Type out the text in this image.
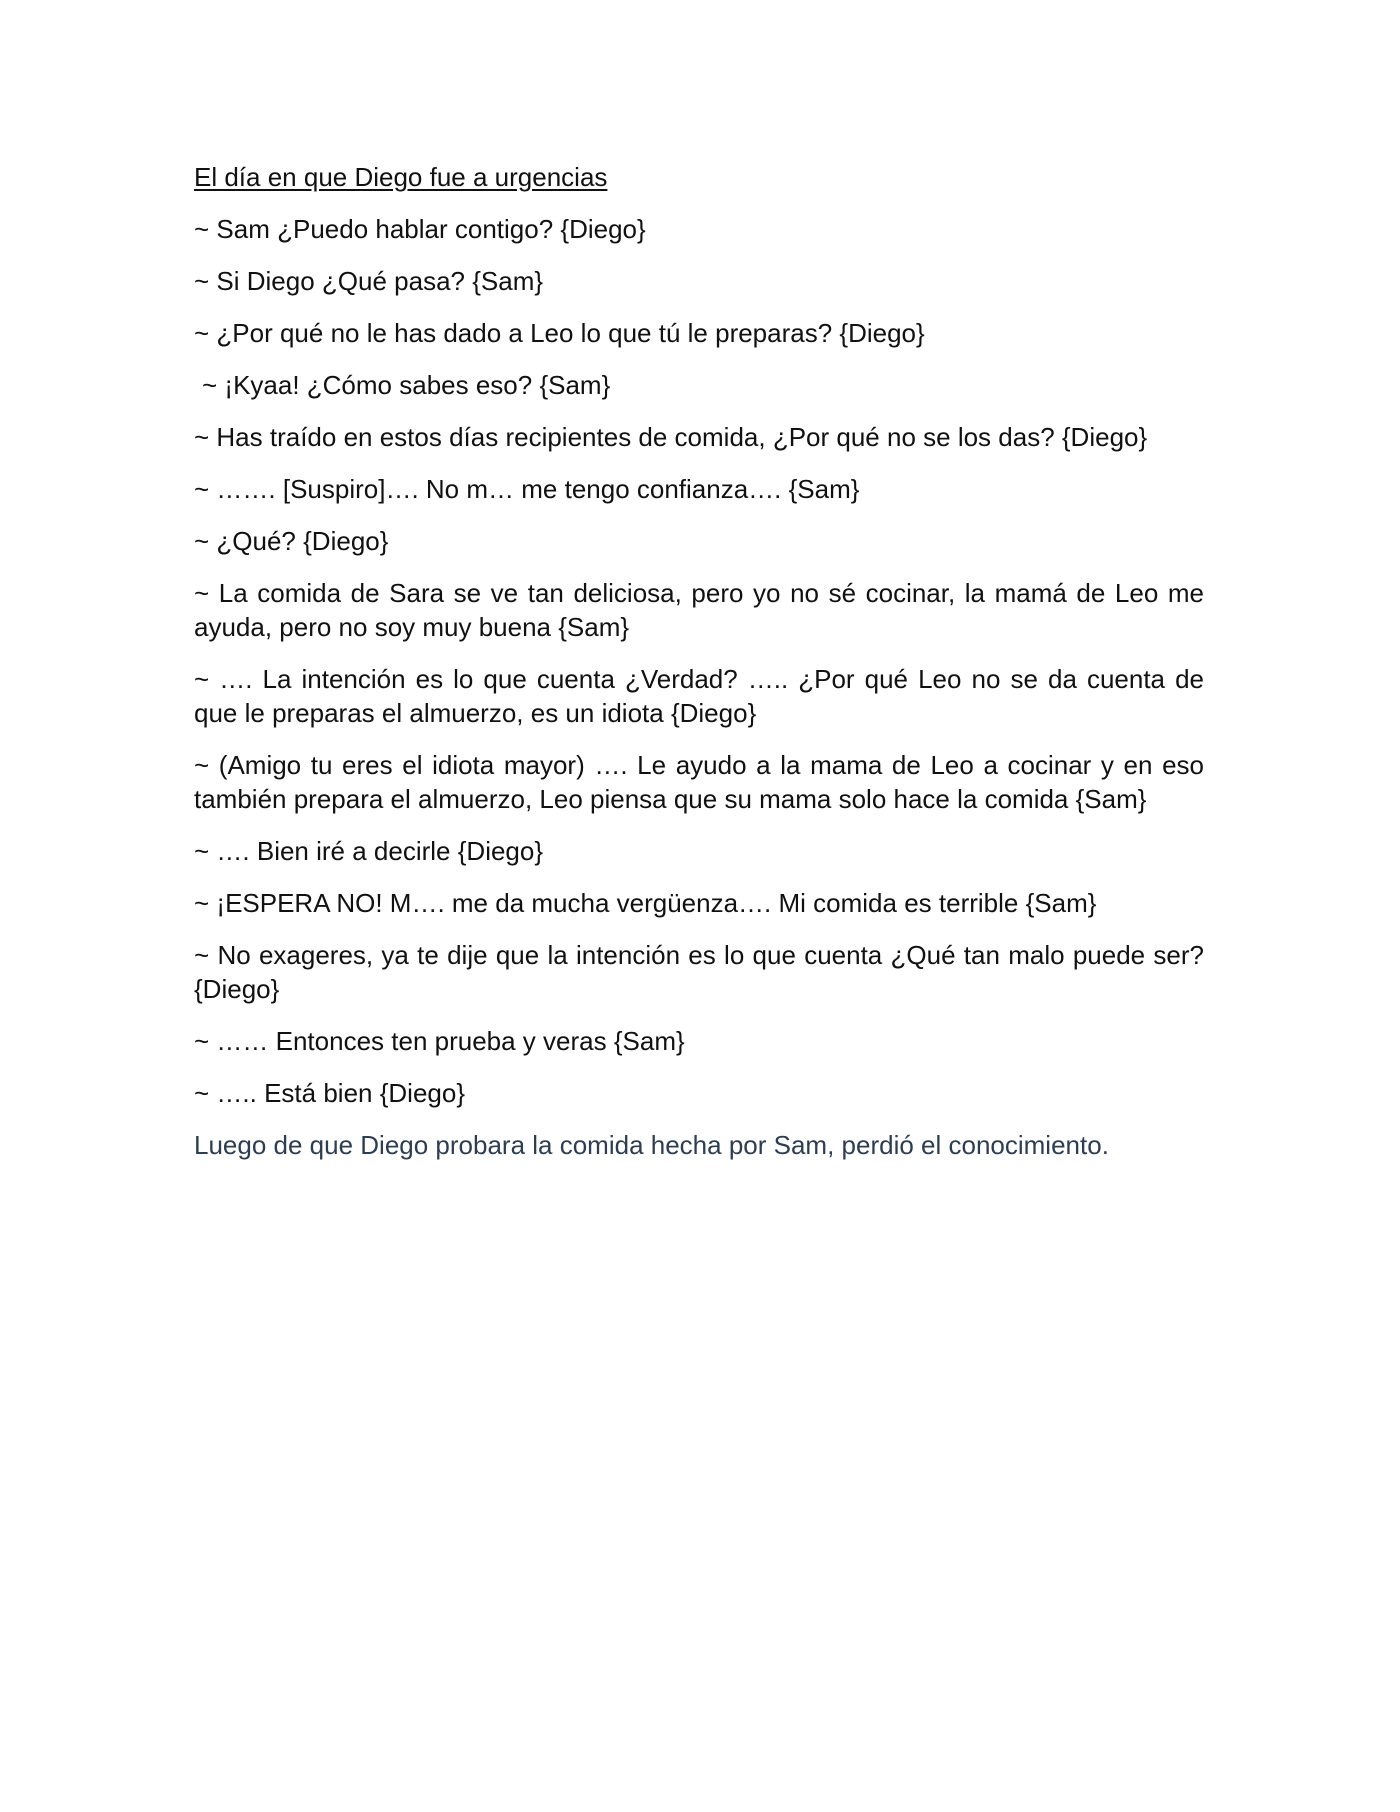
El día en que Diego fue a urgencias

~ Sam ¿Puedo hablar contigo? {Diego}

~ Si Diego ¿Qué pasa? {Sam}

~ ¿Por qué no le has dado a Leo lo que tú le preparas? {Diego}

~ ¡Kyaa! ¿Cómo sabes eso? {Sam}

~ Has traído en estos días recipientes de comida, ¿Por qué no se los das? {Diego}

~ ……. [Suspiro]…. No m… me tengo confianza…. {Sam}

~ ¿Qué? {Diego}

~ La comida de Sara se ve tan deliciosa, pero yo no sé cocinar, la mamá de Leo me ayuda, pero no soy muy buena {Sam}

~ …. La intención es lo que cuenta ¿Verdad? ….. ¿Por qué Leo no se da cuenta de que le preparas el almuerzo, es un idiota {Diego}

~ (Amigo tu eres el idiota mayor) …. Le ayudo a la mama de Leo a cocinar y en eso también prepara el almuerzo, Leo piensa que su mama solo hace la comida {Sam}

~ …. Bien iré a decirle {Diego}

~ ¡ESPERA NO! M…. me da mucha vergüenza…. Mi comida es terrible {Sam}

~ No exageres, ya te dije que la intención es lo que cuenta ¿Qué tan malo puede ser? {Diego}

~ …… Entonces ten prueba y veras {Sam}

~ ….. Está bien {Diego}

Luego de que Diego probara la comida hecha por Sam, perdió el conocimiento.
